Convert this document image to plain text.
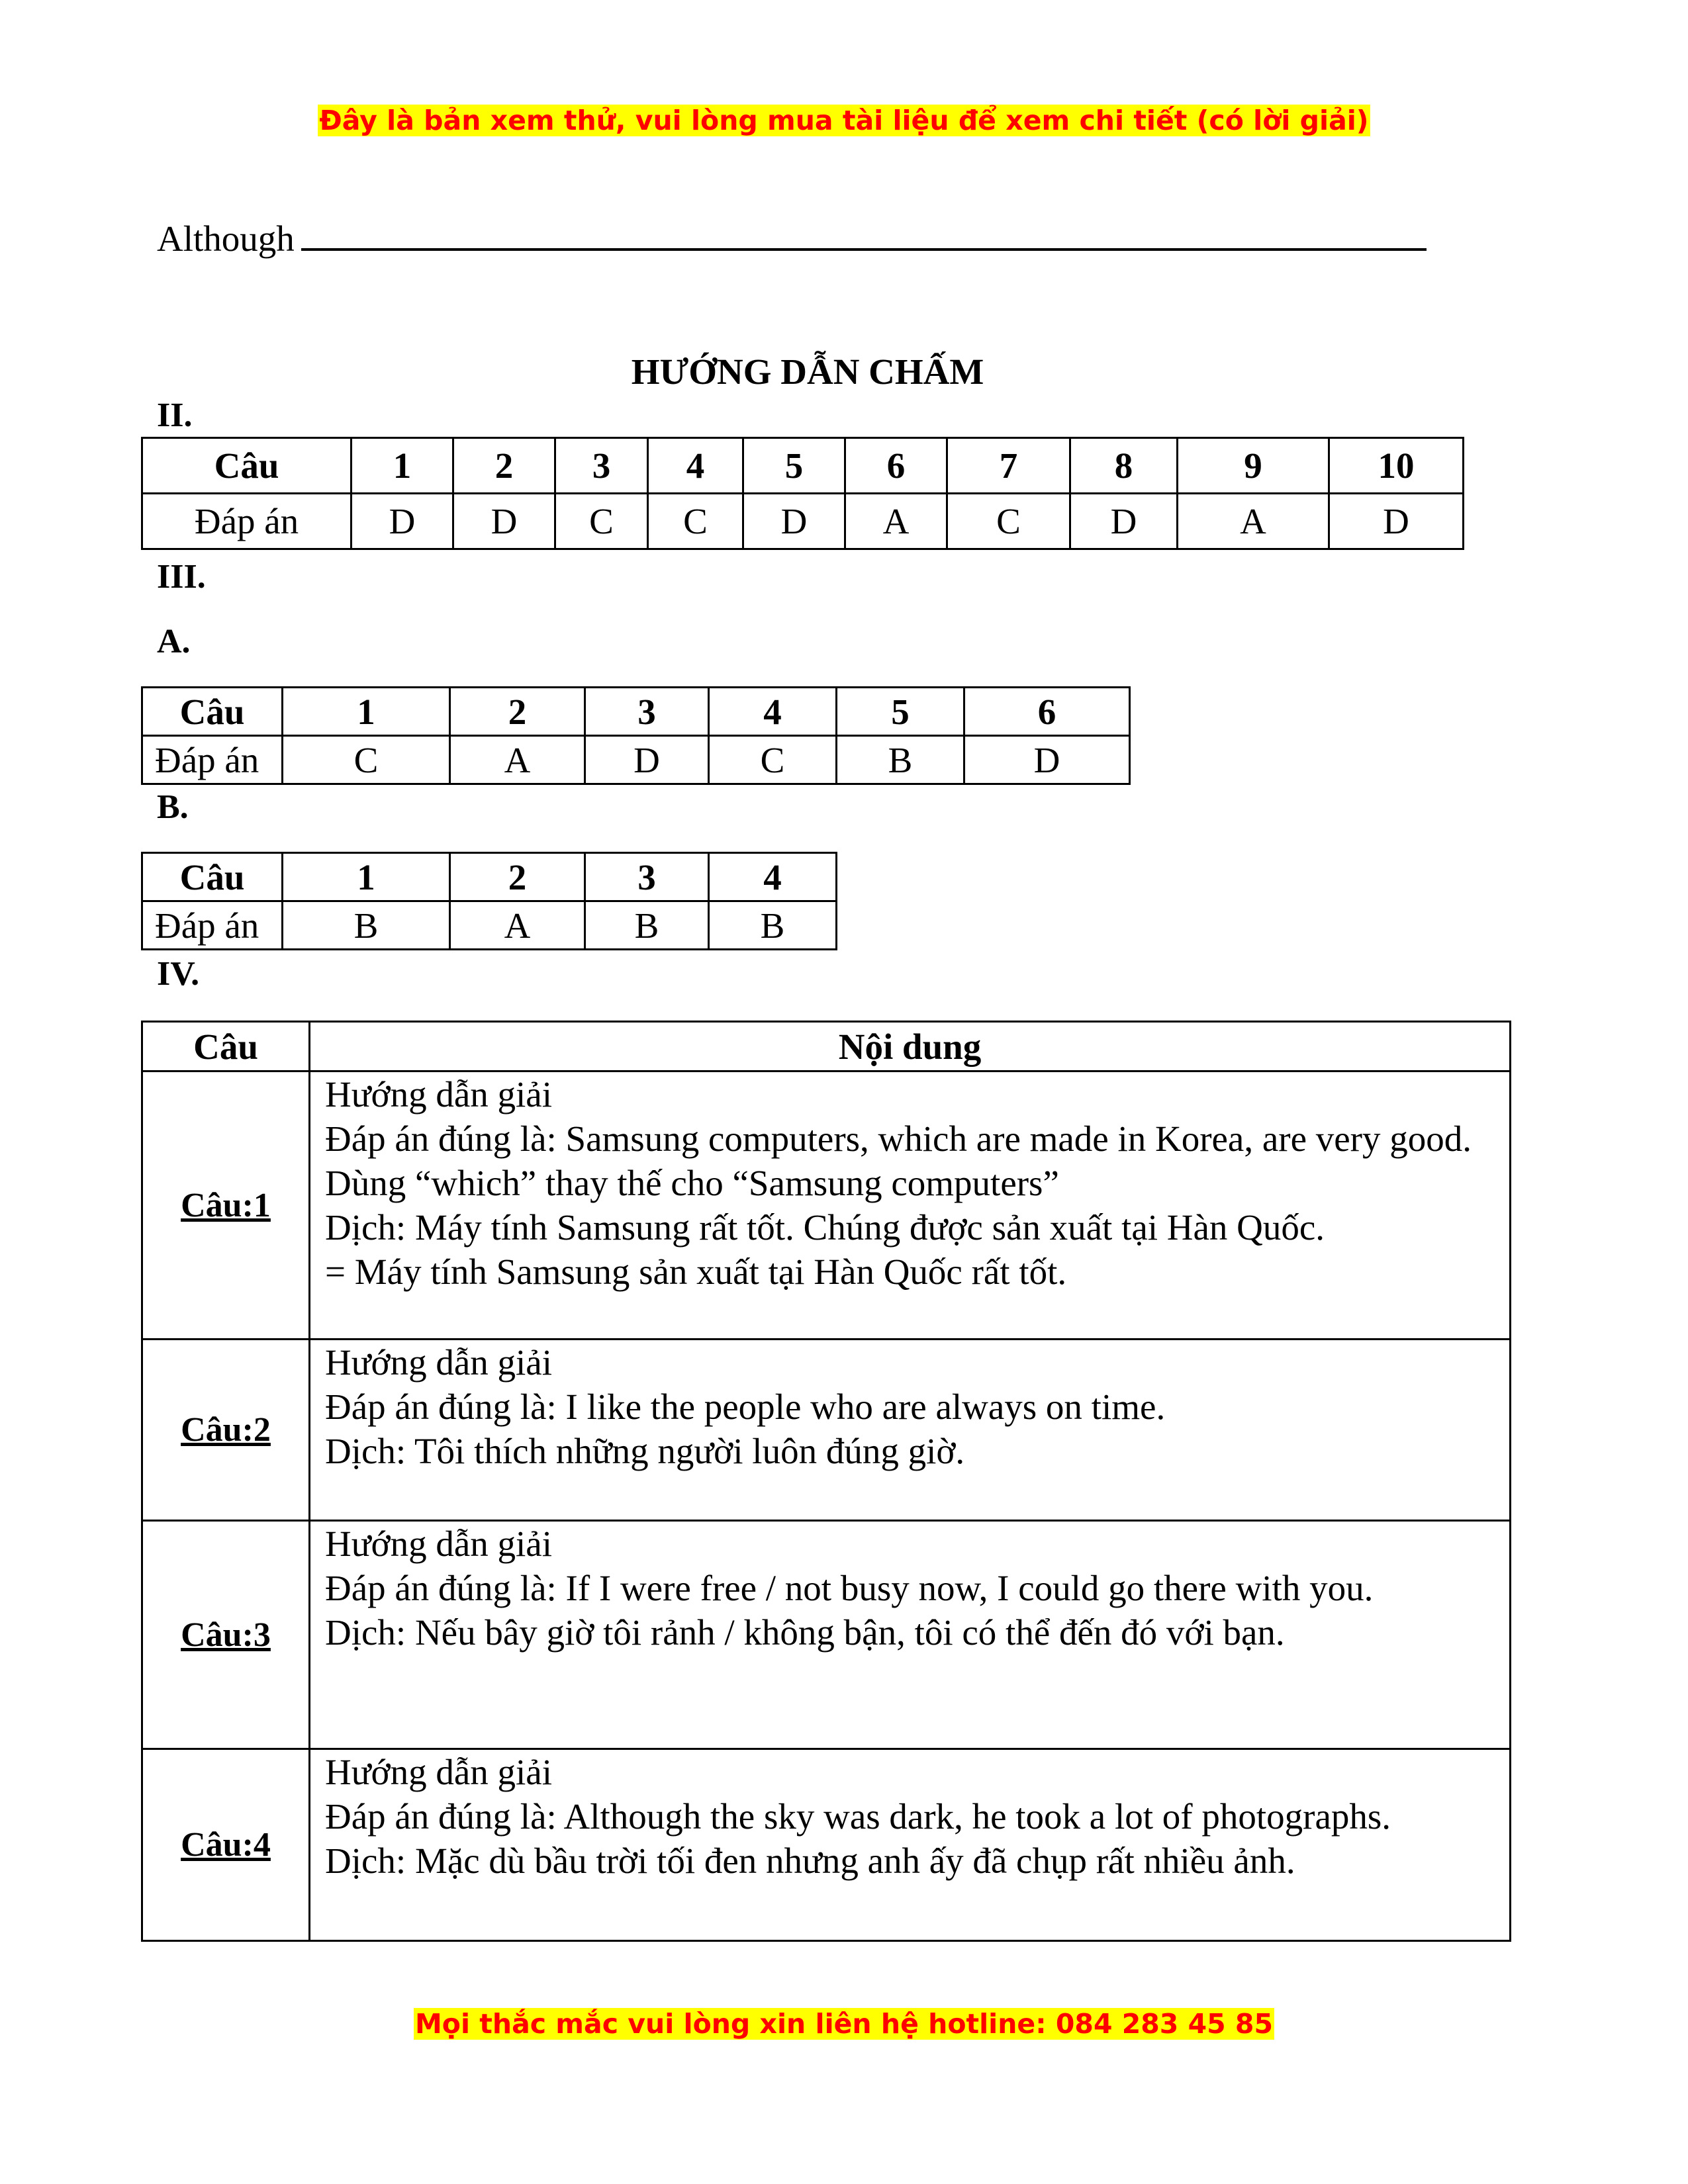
Đây là bản xem thử, vui lòng mua tài liệu để xem chi tiết (có lời giải)
Although
HƯỚNG DẪN CHẤM
II.
Câu	1	2	3	4	5	6	7	8	9	10
Đáp án	D	D	C	C	D	A	C	D	A	D
III.
A.
Câu	1	2	3	4	5	6
Đáp án	C	A	D	C	B	D
B.
Câu	1	2	3	4
Đáp án	B	A	B	B
IV.
Câu	Nội dung
Câu:1	Hướng dẫn giải
Đáp án đúng là: Samsung computers, which are made in Korea, are very good.
Dùng “which” thay thế cho “Samsung computers”
Dịch: Máy tính Samsung rất tốt. Chúng được sản xuất tại Hàn Quốc.
= Máy tính Samsung sản xuất tại Hàn Quốc rất tốt.

Câu:2	Hướng dẫn giải
Đáp án đúng là: I like the people who are always on time.
Dịch: Tôi thích những người luôn đúng giờ.

Câu:3	Hướng dẫn giải
Đáp án đúng là: If I were free / not busy now, I could go there with you.
Dịch: Nếu bây giờ tôi rảnh / không bận, tôi có thể đến đó với bạn.

Câu:4	Hướng dẫn giải
Đáp án đúng là: Although the sky was dark, he took a lot of photographs.
Dịch: Mặc dù bầu trời tối đen nhưng anh ấy đã chụp rất nhiều ảnh.
Mọi thắc mắc vui lòng xin liên hệ hotline: 084 283 45 85
